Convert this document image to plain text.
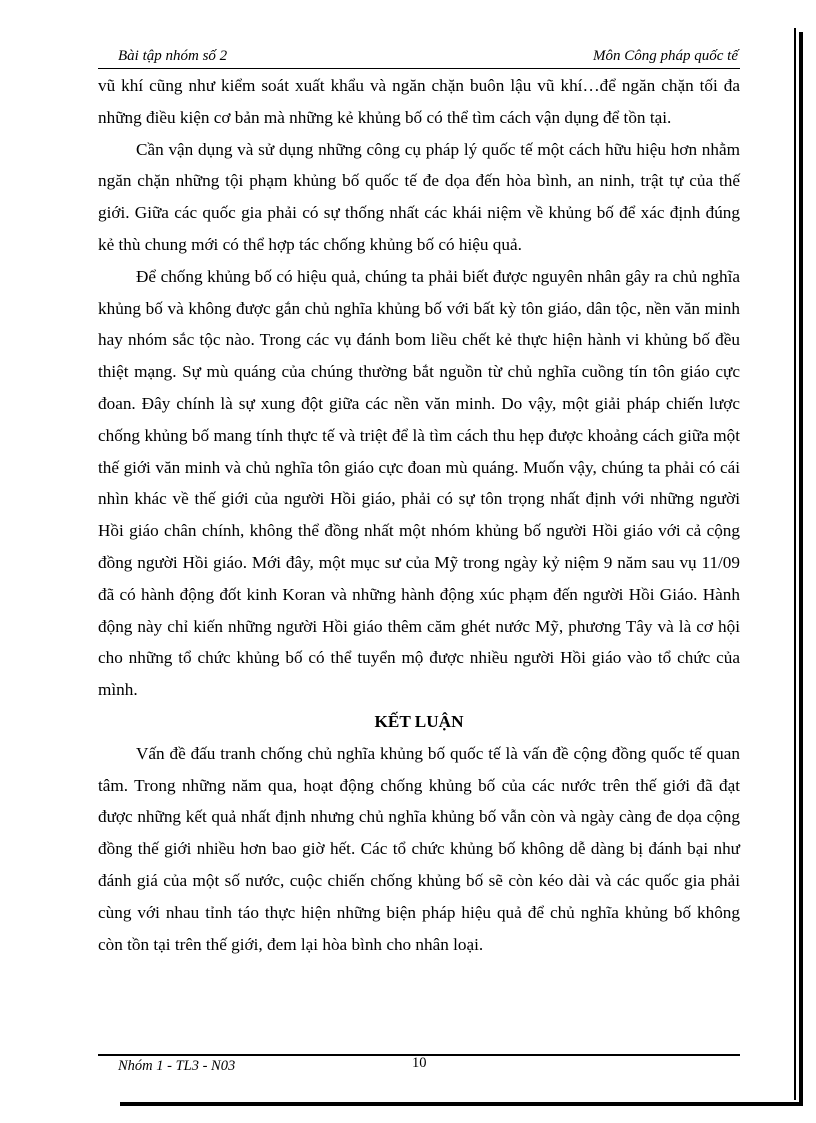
Bài tập nhóm số 2	Môn Công pháp quốc tế

vũ khí cũng như kiểm soát xuất khẩu và ngăn chặn buôn lậu vũ khí…để ngăn chặn tối đa những điều kiện cơ bản mà những kẻ khủng bố có thể tìm cách vận dụng để tồn tại.

Cần vận dụng và sử dụng những công cụ pháp lý quốc tế một cách hữu hiệu hơn nhằm ngăn chặn những tội phạm khủng bố quốc tế đe dọa đến hòa bình, an ninh, trật tự của thế giới. Giữa các quốc gia phải có sự thống nhất các khái niệm về khủng bố để xác định đúng kẻ thù chung mới có thể hợp tác chống khủng bố có hiệu quả.

Để chống khủng bố có hiệu quả, chúng ta phải biết được nguyên nhân gây ra chủ nghĩa khủng bố và không được gắn chủ nghĩa khủng bố với bất kỳ tôn giáo, dân tộc, nền văn minh hay nhóm sắc tộc nào. Trong các vụ đánh bom liều chết kẻ thực hiện hành vi khủng bố đều thiệt mạng. Sự mù quáng của chúng thường bắt nguồn từ chủ nghĩa cuồng tín tôn giáo cực đoan. Đây chính là sự xung đột giữa các nền văn minh. Do vậy, một giải pháp chiến lược chống khủng bố mang tính thực tế và triệt để là tìm cách thu hẹp được khoảng cách giữa một thế giới văn minh và chủ nghĩa tôn giáo cực đoan mù quáng. Muốn vậy, chúng ta phải có cái nhìn khác về thế giới của người Hồi giáo, phải có sự tôn trọng nhất định với những người Hồi giáo chân chính, không thể đồng nhất một nhóm khủng bố người Hồi giáo với cả cộng đồng người Hồi giáo. Mới đây, một mục sư của Mỹ trong ngày kỷ niệm 9 năm sau vụ 11/09 đã có hành động đốt kinh Koran và những hành động xúc phạm đến người Hồi Giáo. Hành động này chỉ kiến những người Hồi giáo thêm căm ghét nước Mỹ, phương Tây và là cơ hội cho những tổ chức khủng bố có thể tuyển mộ được nhiều người Hồi giáo vào tổ chức của mình.

KẾT LUẬN

Vấn đề đấu tranh chống chủ nghĩa khủng bố quốc tế là vấn đề cộng đồng quốc tế quan tâm. Trong những năm qua, hoạt động chống khủng bố của các nước trên thế giới đã đạt được những kết quả nhất định nhưng chủ nghĩa khủng bố vẫn còn và ngày càng đe dọa cộng đồng thế giới nhiều hơn bao giờ hết. Các tổ chức khủng bố không dễ dàng bị đánh bại như đánh giá của một số nước, cuộc chiến chống khủng bố sẽ còn kéo dài và các quốc gia phải cùng với nhau tỉnh táo thực hiện những biện pháp hiệu quả để chủ nghĩa khủng bố không còn tồn tại trên thế giới, đem lại hòa bình cho nhân loại.

Nhóm 1 - TL3 - N03	10
